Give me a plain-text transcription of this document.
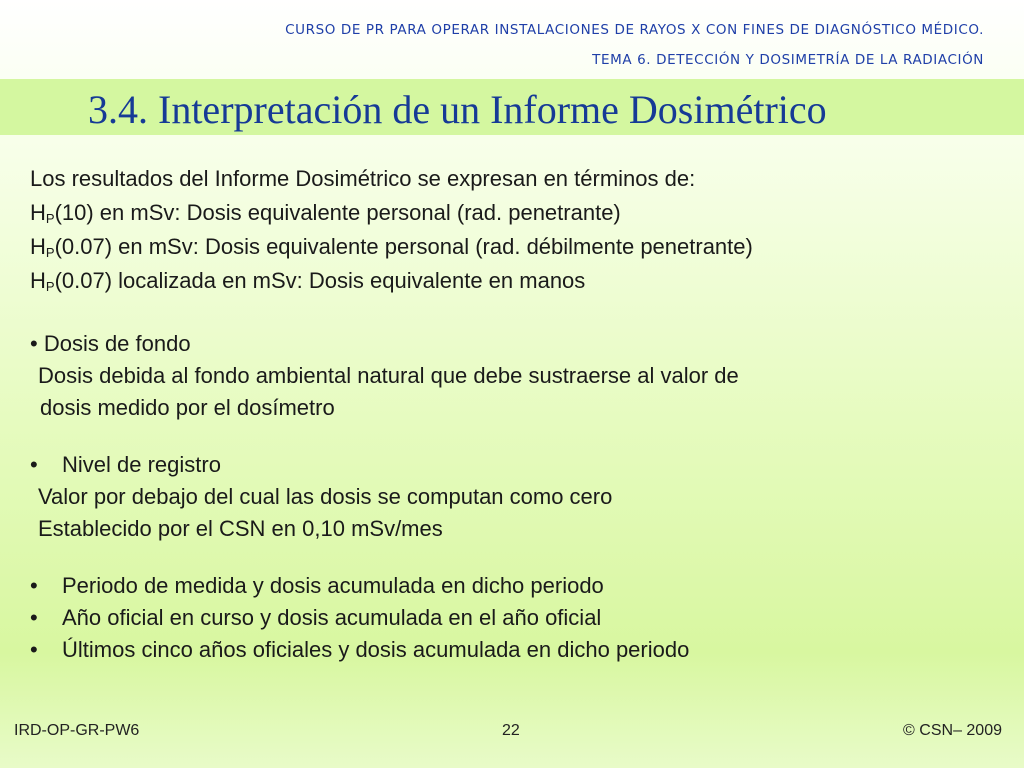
CURSO DE PR PARA OPERAR INSTALACIONES DE RAYOS X CON FINES DE DIAGNÓSTICO MÉDICO.
TEMA 6. DETECCIÓN Y DOSIMETRÍA DE LA RADIACIÓN
3.4. Interpretación de un Informe Dosimétrico
Los resultados del Informe Dosimétrico se expresan en términos de:
$H_P(10)$ en mSv: Dosis equivalente personal (rad. penetrante)
$H_P(0.07)$ en mSv: Dosis equivalente personal (rad. débilmente penetrante)
$H_P(0.07)$ localizada en mSv: Dosis equivalente en manos
• Dosis de fondo
Dosis debida al fondo ambiental natural que debe sustraerse al valor de
dosis medido por el dosímetro
• Nivel de registro
Valor por debajo del cual las dosis se computan como cero
Establecido por el CSN en 0,10 mSv/mes
• Periodo de medida y dosis acumulada en dicho periodo
• Año oficial en curso y dosis acumulada en el año oficial
• Últimos cinco años oficiales y dosis acumulada en dicho periodo
IRD-OP-GR-PW6	22	© CSN– 2009
